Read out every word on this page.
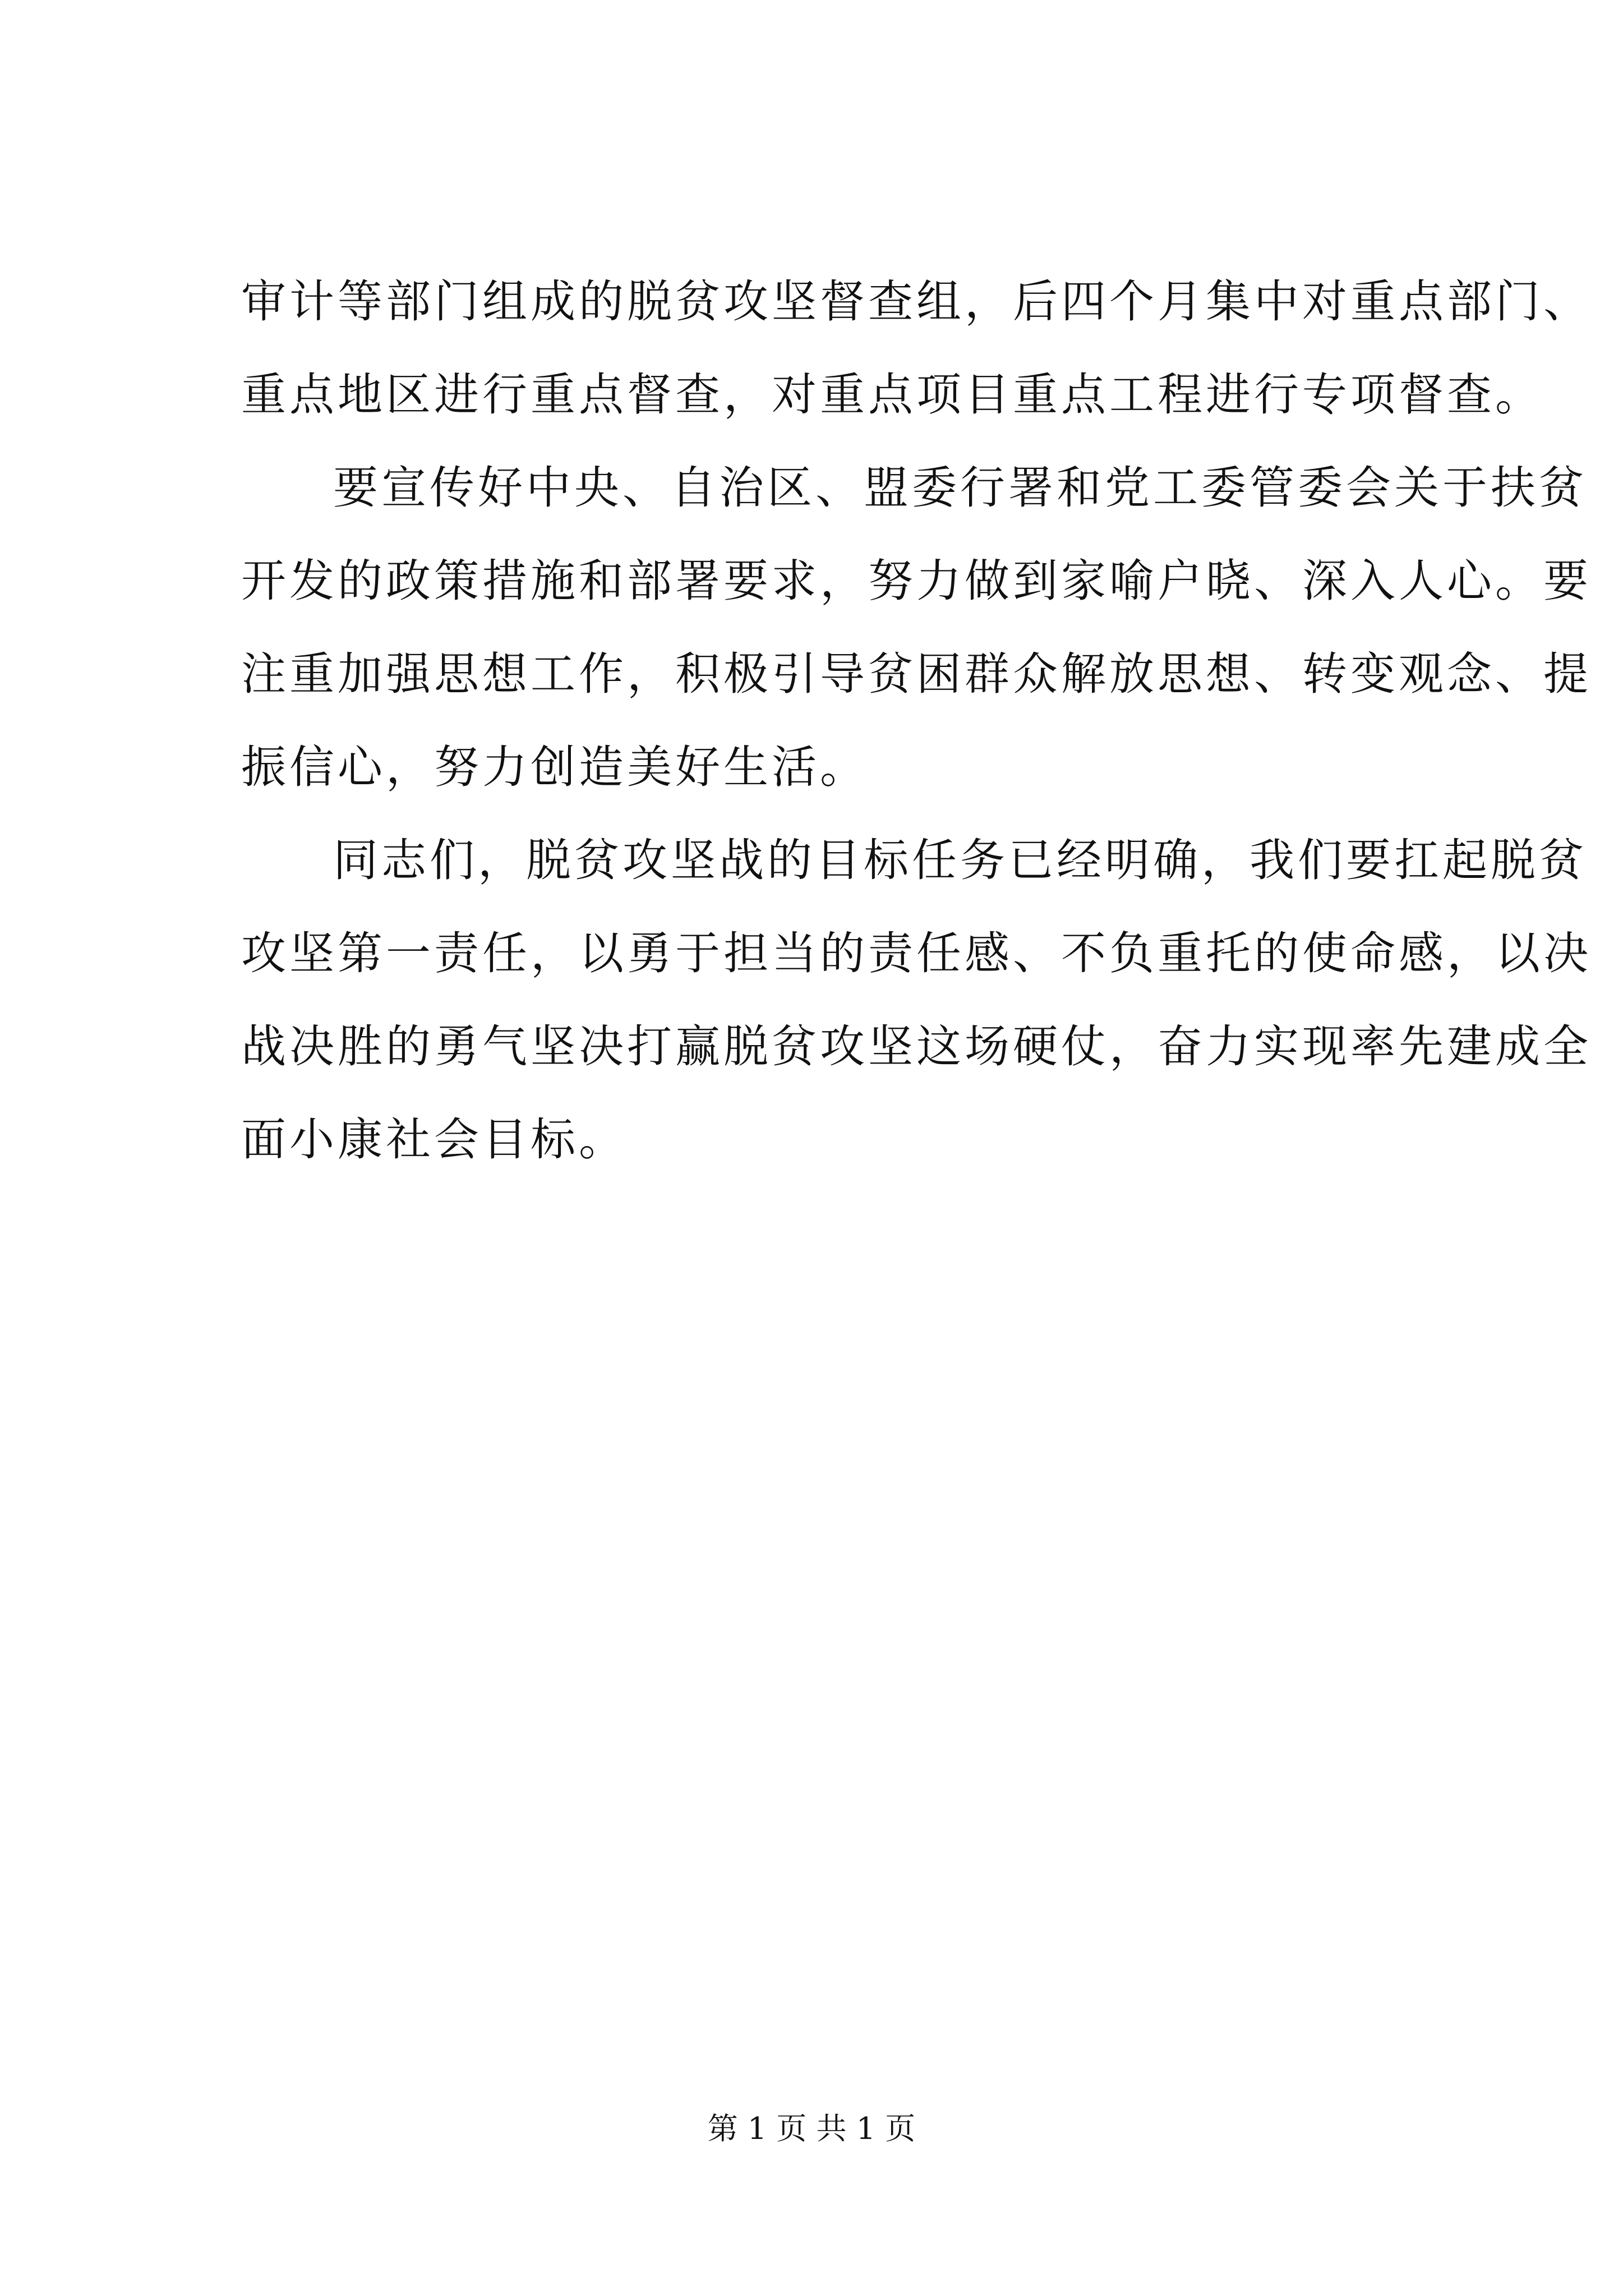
审计等部门组成的脱贫攻坚督查组，后四个月集中对重点部门、
重点地区进行重点督查，对重点项目重点工程进行专项督查。
要宣传好中央、自治区、盟委行署和党工委管委会关于扶贫
开发的政策措施和部署要求，努力做到家喻户晓、深入人心。要
注重加强思想工作，积极引导贫困群众解放思想、转变观念、提
振信心，努力创造美好生活。
同志们，脱贫攻坚战的目标任务已经明确，我们要扛起脱贫
攻坚第一责任，以勇于担当的责任感、不负重托的使命感，以决
战决胜的勇气坚决打赢脱贫攻坚这场硬仗，奋力实现率先建成全
面小康社会目标。
第 1 页 共 1 页
